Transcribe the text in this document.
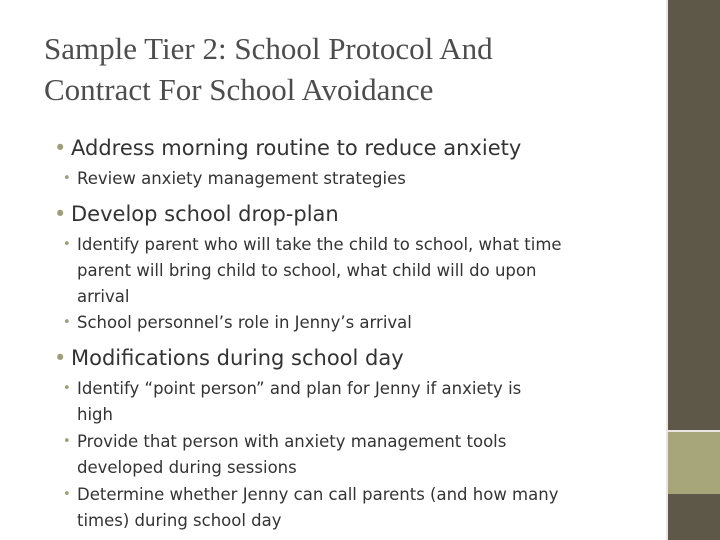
Sample Tier 2: School Protocol And
Contract For School Avoidance
• Address morning routine to reduce anxiety
• Review anxiety management strategies
• Develop school drop-plan
• Identify parent who will take the child to school, what time
parent will bring child to school, what child will do upon
arrival
• School personnel’s role in Jenny’s arrival
• Modifications during school day
• Identify “point person” and plan for Jenny if anxiety is
high
• Provide that person with anxiety management tools
developed during sessions
• Determine whether Jenny can call parents (and how many
times) during school day
